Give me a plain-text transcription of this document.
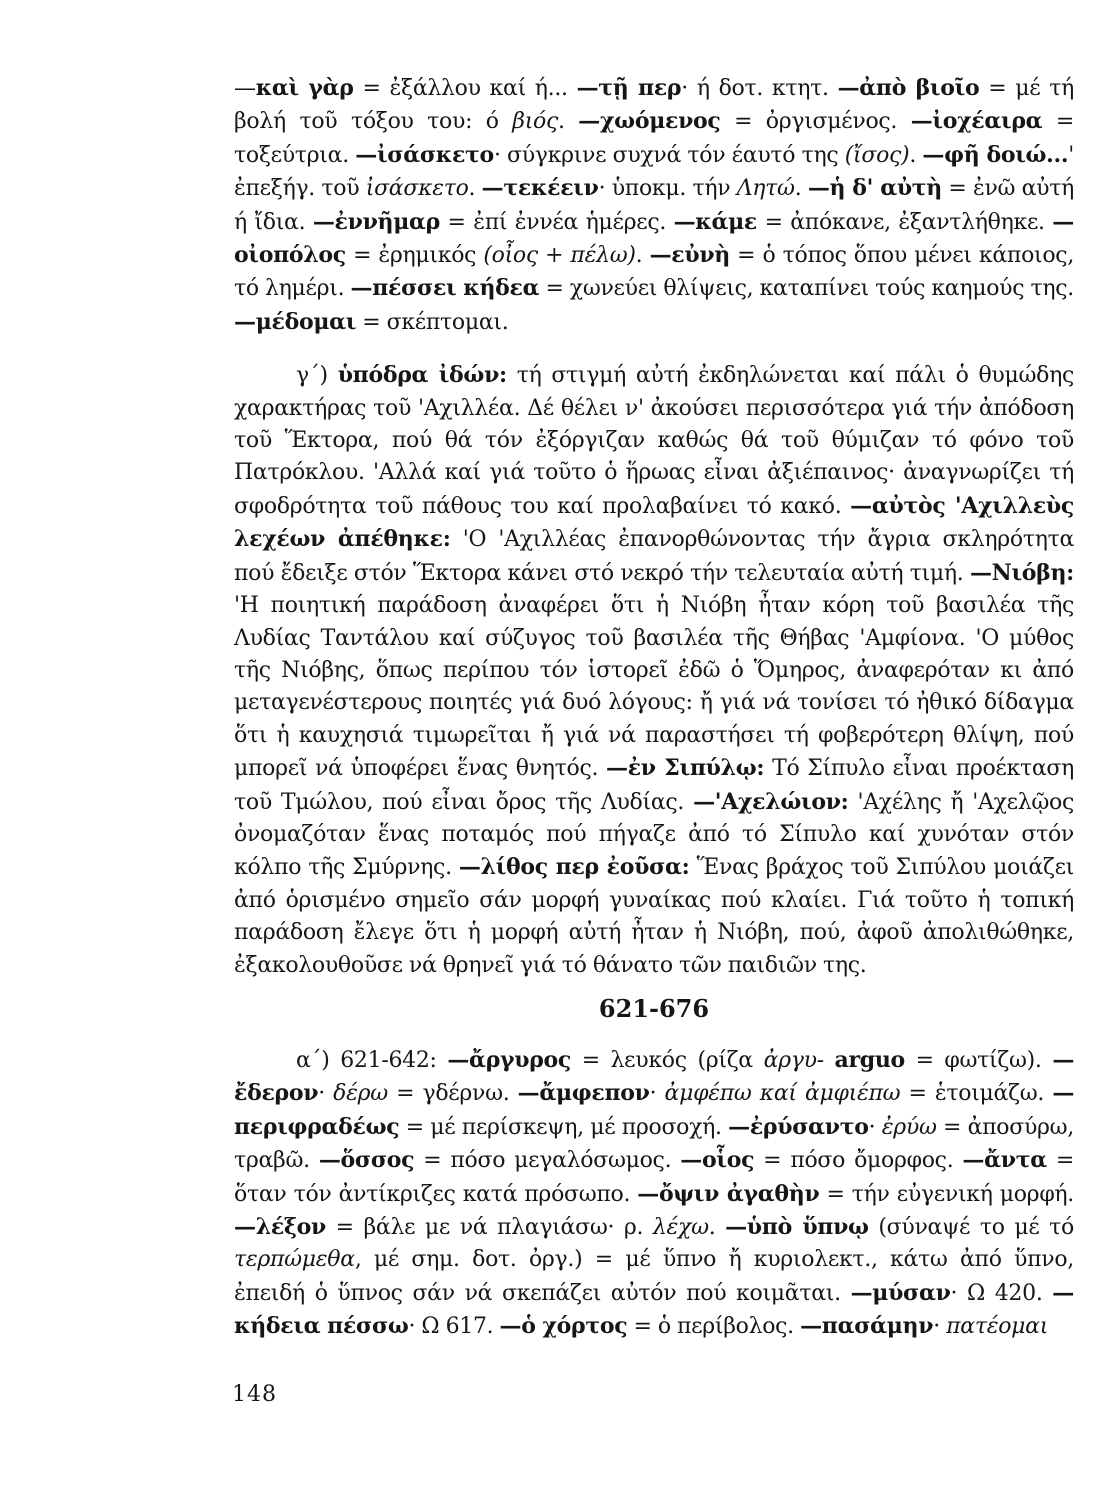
—καὶ γὰρ = ἐξάλλου καί ή... —τῇ περ· ή δοτ. κτητ. —ἀπὸ βιοῖο = μέ τή βολή τοῦ τόξου του: ό βιός. —χωόμενος = ὀργισμένος. —ἰοχέαιρα = τοξεύτρια. —ἰσάσκετο· σύγκρινε συχνά τόν έαυτό της (ἴσος). —φῆ δοιώ...' ἐπεξήγ. τοῦ ἰσάσκετο. —τεκέειν· ὑποκμ. τήν Λητώ. —ἡ δ' αὐτὴ = ἐνῶ αὐτή ή ἴδια. —ἐννῆμαρ = ἐπί ἐννέα ἡμέρες. —κάμε = ἀπόκανε, ἐξαντλήθηκε. —οἰοπόλος = ἐρημικός (οἶος + πέλω). —εὐνὴ = ὁ τόπος ὅπου μένει κάποιος, τό λημέρι. —πέσσει κήδεα = χωνεύει θλίψεις, καταπίνει τούς καημούς της. —μέδομαι = σκέπτομαι.

γ΄) ὑπόδρα ἰδών: τή στιγμή αὐτή ἐκδηλώνεται καί πάλι ὁ θυμώδης χαρακτήρας τοῦ 'Αχιλλέα. Δέ θέλει ν' ἀκούσει περισσότερα γιά τήν ἀπόδοση τοῦ Ἕκτορα, πού θά τόν ἐξόργιζαν καθώς θά τοῦ θύμιζαν τό φόνο τοῦ Πατρόκλου. 'Αλλά καί γιά τοῦτο ὁ ἥρωας εἶναι ἀξιέπαινος· ἀναγνωρίζει τή σφοδρότητα τοῦ πάθους του καί προλαβαίνει τό κακό. —αὐτὸς 'Αχιλλεὺς λεχέων ἀπέθηκε: 'Ο 'Αχιλλέας ἐπανορθώνοντας τήν ἄγρια σκληρότητα πού ἔδειξε στόν Ἕκτορα κάνει στό νεκρό τήν τελευταία αὐτή τιμή. —Νιόβη: 'Η ποιητική παράδοση ἀναφέρει ὅτι ἡ Νιόβη ἦταν κόρη τοῦ βασιλέα τῆς Λυδίας Ταντάλου καί σύζυγος τοῦ βασιλέα τῆς Θήβας 'Αμφίονα. 'Ο μύθος τῆς Νιόβης, ὅπως περίπου τόν ἱστορεῖ ἐδῶ ὁ Ὅμηρος, ἀναφερόταν κι ἀπό μεταγενέστερους ποιητές γιά δυό λόγους: ἤ γιά νά τονίσει τό ἠθικό δίδαγμα ὅτι ἡ καυχησιά τιμωρεῖται ἤ γιά νά παραστήσει τή φοβερότερη θλίψη, πού μπορεῖ νά ὑποφέρει ἕνας θνητός. —ἐν Σιπύλῳ: Τό Σίπυλο εἶναι προέκταση τοῦ Τμώλου, πού εἶναι ὄρος τῆς Λυδίας. —'Αχελώιον: 'Αχέλης ἤ 'Αχελῷος ὀνομαζόταν ἕνας ποταμός πού πήγαζε ἀπό τό Σίπυλο καί χυνόταν στόν κόλπο τῆς Σμύρνης. —λίθος περ ἐοῦσα: Ἕνας βράχος τοῦ Σιπύλου μοιάζει ἀπό ὁρισμένο σημεῖο σάν μορφή γυναίκας πού κλαίει. Γιά τοῦτο ἡ τοπική παράδοση ἔλεγε ὅτι ἡ μορφή αὐτή ἦταν ἡ Νιόβη, πού, ἀφοῦ ἀπολιθώθηκε, ἐξακολουθοῦσε νά θρηνεῖ γιά τό θάνατο τῶν παιδιῶν της.

621-676

α΄) 621-642: —ἄργυρος = λευκός (ρίζα ἀργυ- arguo = φωτίζω). —ἔδερον· δέρω = γδέρνω. —ἄμφεπον· ἀμφέπω καί ἀμφιέπω = ἑτοιμάζω. —περιφραδέως = μέ περίσκεψη, μέ προσοχή. —ἐρύσαντο· ἐρύω = ἀποσύρω, τραβῶ. —ὅσσος = πόσο μεγαλόσωμος. —οἷος = πόσο ὄμορφος. —ἄντα = ὅταν τόν ἀντίκριζες κατά πρόσωπο. —ὄψιν ἀγαθὴν = τήν εὐγενική μορφή. —λέξον = βάλε με νά πλαγιάσω· ρ. λέχω. —ὑπὸ ὕπνῳ (σύναψέ το μέ τό τερπώμεθα, μέ σημ. δοτ. ὀργ.) = μέ ὕπνο ἤ κυριολεκτ., κάτω ἀπό ὕπνο, ἐπειδή ὁ ὕπνος σάν νά σκεπάζει αὐτόν πού κοιμᾶται. —μύσαν· Ω 420. —κήδεια πέσσω· Ω 617. —ὁ χόρτος = ὁ περίβολος. —πασάμην· πατέομαι

148
